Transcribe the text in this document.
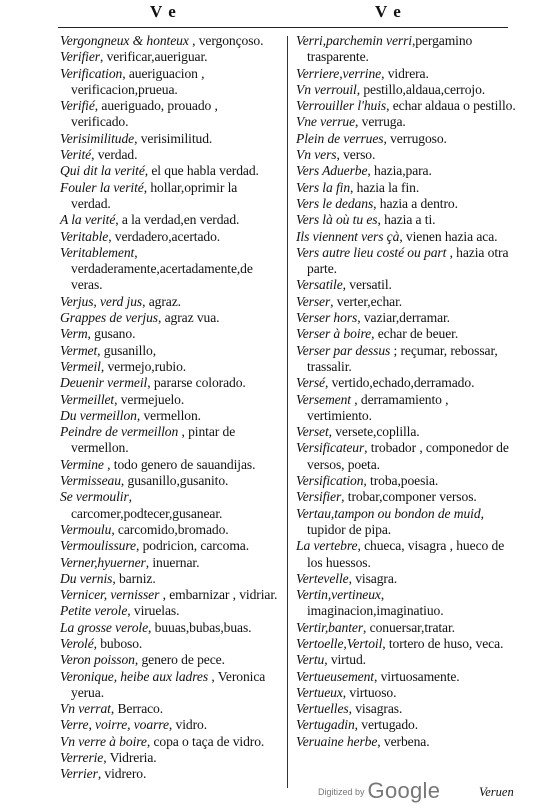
V e	V e

Vergongneux & honteux , vergonçoso.

Verifier, verificar,aueriguar.

Verification, aueriguacion , verificacion,prueua.

Verifié, aueriguado, prouado , verificado.

Verisimilitude, verisimilitud.

Verité, verdad.

Qui dit la verité, el que habla verdad.

Fouler la verité, hollar,oprimir la verdad.

A la verité, a la verdad,en verdad.

Veritable, verdadero,acertado.

Veritablement, verdaderamente,acertadamente,de veras.

Verjus, verd jus, agraz.

Grappes de verjus, agraz vua.

Verm, gusano.

Vermet, gusanillo,

Vermeil, vermejo,rubio.

Deuenir vermeil, pararse colorado.

Vermeillet, vermejuelo.

Du vermeillon, vermellon.

Peindre de vermeillon , pintar de vermellon.

Vermine , todo genero de sauandijas.

Vermisseau, gusanillo,gusanito.

Se vermoulir, carcomer,podtecer,gusanear.

Vermoulu, carcomido,bromado.

Vermoulissure, podricion, carcoma.

Verner,hyuerner, inuernar.

Du vernis, barniz.

Vernicer, vernisser , embarnizar , vidriar.

Petite verole, viruelas.

La grosse verole, buuas,bubas,buas.

Verolé, buboso.

Veron poisson, genero de pece.

Veronique, heibe aux ladres , Veronica yerua.

Vn verrat, Berraco.

Verre, voirre, voarre, vidro.

Vn verre à boire, copa o taça de vidro.

Verrerie, Vidreria.

Verrier, vidrero.

Verri,parchemin verri,pergamino trasparente.

Verriere,verrine, vidrera.

Vn verrouil, pestillo,aldaua,cerrojo.

Verrouiller l'huis, echar aldaua o pestillo.

Vne verrue, verruga.

Plein de verrues, verrugoso.

Vn vers, verso.

Vers Aduerbe, hazia,para.

Vers la fin, hazia la fin.

Vers le dedans, hazia a dentro.

Vers là où tu es, hazia a ti.

Ils viennent vers çà, vienen hazia aca.

Vers autre lieu costé ou part , hazia otra parte.

Versatile, versatil.

Verser, verter,echar.

Verser hors, vaziar,derramar.

Verser à boire, echar de beuer.

Verser par dessus ; reçumar, rebossar, trassalir.

Versé, vertido,echado,derramado.

Versement , derramamiento , vertimiento.

Verset, versete,coplilla.

Versificateur, trobador , componedor de versos, poeta.

Versification, troba,poesia.

Versifier, trobar,componer versos.

Vertau,tampon ou bondon de muid, tupidor de pipa.

La vertebre, chueca, visagra , hueco de los huessos.

Vertevelle, visagra.

Vertin,vertineux, imaginacion,imaginatiuo.

Vertir,banter, conuersar,tratar.

Vertoelle,Vertoil, tortero de huso, veca.

Vertu, virtud.

Vertueusement, virtuosamente.

Vertueux, virtuoso.

Vertuelles, visagras.

Vertugadin, vertugado.

Veruaine herbe, verbena.

Digitized by Google	Veruen
